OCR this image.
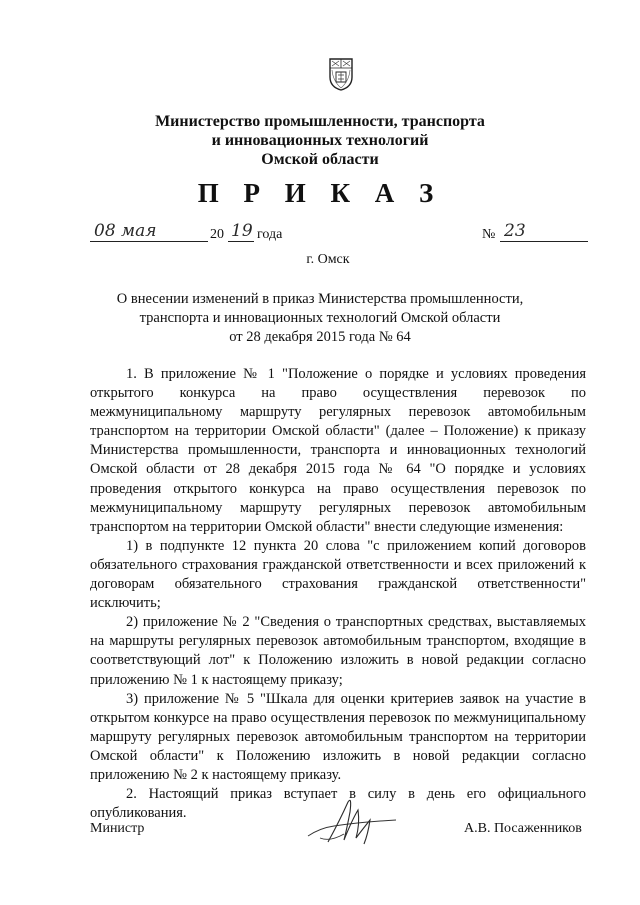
Министерство промышленности, транспорта
и инновационных технологий
Омской области
П Р И К А З
08 мая	20 19 года	№ 23
г. Омск
О внесении изменений в приказ Министерства промышленности,
транспорта и инновационных технологий Омской области
от 28 декабря 2015 года № 64
1. В приложение № 1 "Положение о порядке и условиях проведения открытого конкурса на право осуществления перевозок по межмуниципальному маршруту регулярных перевозок автомобильным транспортом на территории Омской области" (далее – Положение) к приказу Министерства промышленности, транспорта и инновационных технологий Омской области от 28 декабря 2015 года № 64 "О порядке и условиях проведения открытого конкурса на право осуществления перевозок по межмуниципальному маршруту регулярных перевозок автомобильным транспортом на территории Омской области" внести следующие изменения:
1) в подпункте 12 пункта 20 слова "с приложением копий договоров обязательного страхования гражданской ответственности и всех приложений к договорам обязательного страхования гражданской ответственности" исключить;
2) приложение № 2 "Сведения о транспортных средствах, выставляемых на маршруты регулярных перевозок автомобильным транспортом, входящие в соответствующий лот" к Положению изложить в новой редакции согласно приложению № 1 к настоящему приказу;
3) приложение № 5 "Шкала для оценки критериев заявок на участие в открытом конкурсе на право осуществления перевозок по межмуниципальному маршруту регулярных перевозок автомобильным транспортом на территории Омской области" к Положению изложить в новой редакции согласно приложению № 2 к настоящему приказу.
2. Настоящий приказ вступает в силу в день его официального опубликования.
Министр	А.В. Посаженников
